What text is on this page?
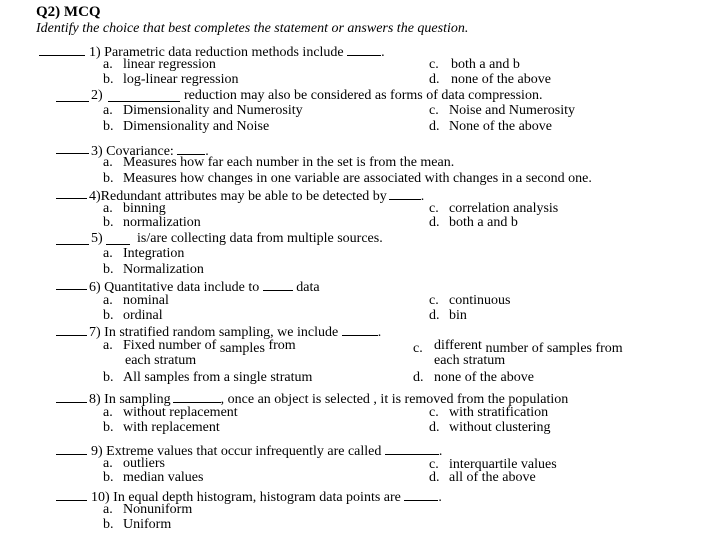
Q2) MCQ
Identify the choice that best completes the statement or answers the question.
1) Parametric data reduction methods include	.
a. linear regression
b. log-linear regression
c. both a and b
d. none of the above
2)	reduction may also be considered as forms of data compression.
a. Dimensionality and Numerosity
b. Dimensionality and Noise
c. Noise and Numerosity
d. None of the above
3) Covariance: .
a. Measures how far each number in the set is from the mean.
b. Measures how changes in one variable are associated with changes in a second one.
4)Redundant attributes may be able to be detected by .
a. binning
b. normalization
c. correlation analysis
d. both a and b
5) is/are collecting data from multiple sources.
a. Integration
b. Normalization
6) Quantitative data include to	data
a. nominal
b. ordinal
c. continuous
d. bin
7) In stratified random sampling, we include	.
a. Fixed number of samples from
each stratum
b. All samples from a single stratum
c. different number of samples from
each stratum
d. none of the above
8) In sampling	, once an object is selected , it is removed from the population
a. without replacement
b. with replacement
c. with stratification
d. without clustering
9) Extreme values that occur infrequently are called	.
a. outliers
b. median values
c. interquartile values
d. all of the above
10) In equal depth histogram, histogram data points are	.
a. Nonuniform
b. Uniform
